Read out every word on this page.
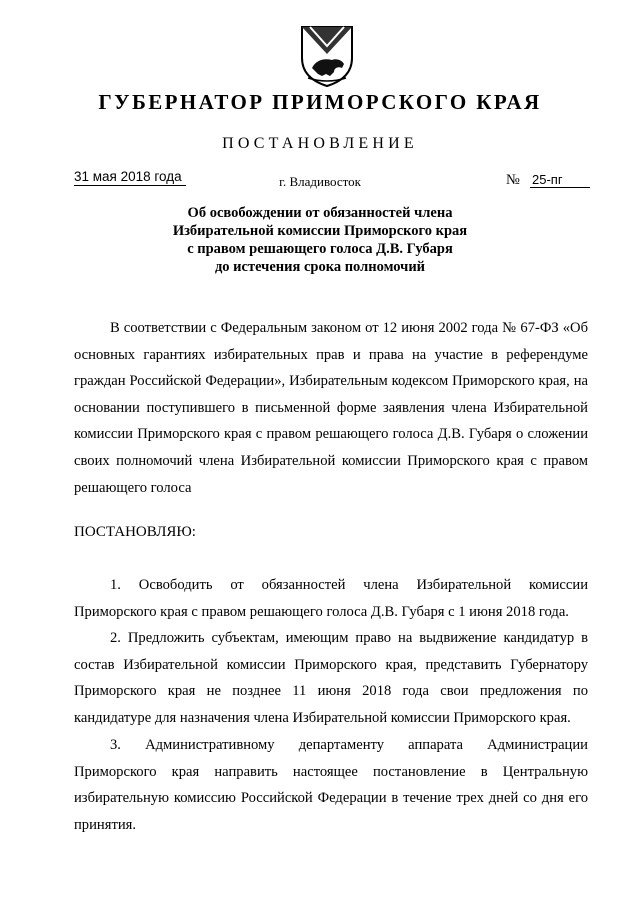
ГУБЕРНАТОР ПРИМОРСКОГО КРАЯ
ПОСТАНОВЛЕНИЕ
31 мая 2018 года	г. Владивосток	№ 25-пг
Об освобождении от обязанностей члена
Избирательной комиссии Приморского края
с правом решающего голоса Д.В. Губаря
до истечения срока полномочий
В соответствии с Федеральным законом от 12 июня 2002 года № 67-ФЗ «Об основных гарантиях избирательных прав и права на участие в референдуме граждан Российской Федерации», Избирательным кодексом Приморского края, на основании поступившего в письменной форме заявления члена Избирательной комиссии Приморского края с правом решающего голоса Д.В. Губаря о сложении своих полномочий члена Избирательной комиссии Приморского края с правом решающего голоса
ПОСТАНОВЛЯЮ:
1. Освободить от обязанностей члена Избирательной комиссии Приморского края с правом решающего голоса Д.В. Губаря с 1 июня 2018 года.
2. Предложить субъектам, имеющим право на выдвижение кандидатур в состав Избирательной комиссии Приморского края, представить Губернатору Приморского края не позднее 11 июня 2018 года свои предложения по кандидатуре для назначения члена Избирательной комиссии Приморского края.
3. Административному департаменту аппарата Администрации Приморского края направить настоящее постановление в Центральную избирательную комиссию Российской Федерации в течение трех дней со дня его принятия.
